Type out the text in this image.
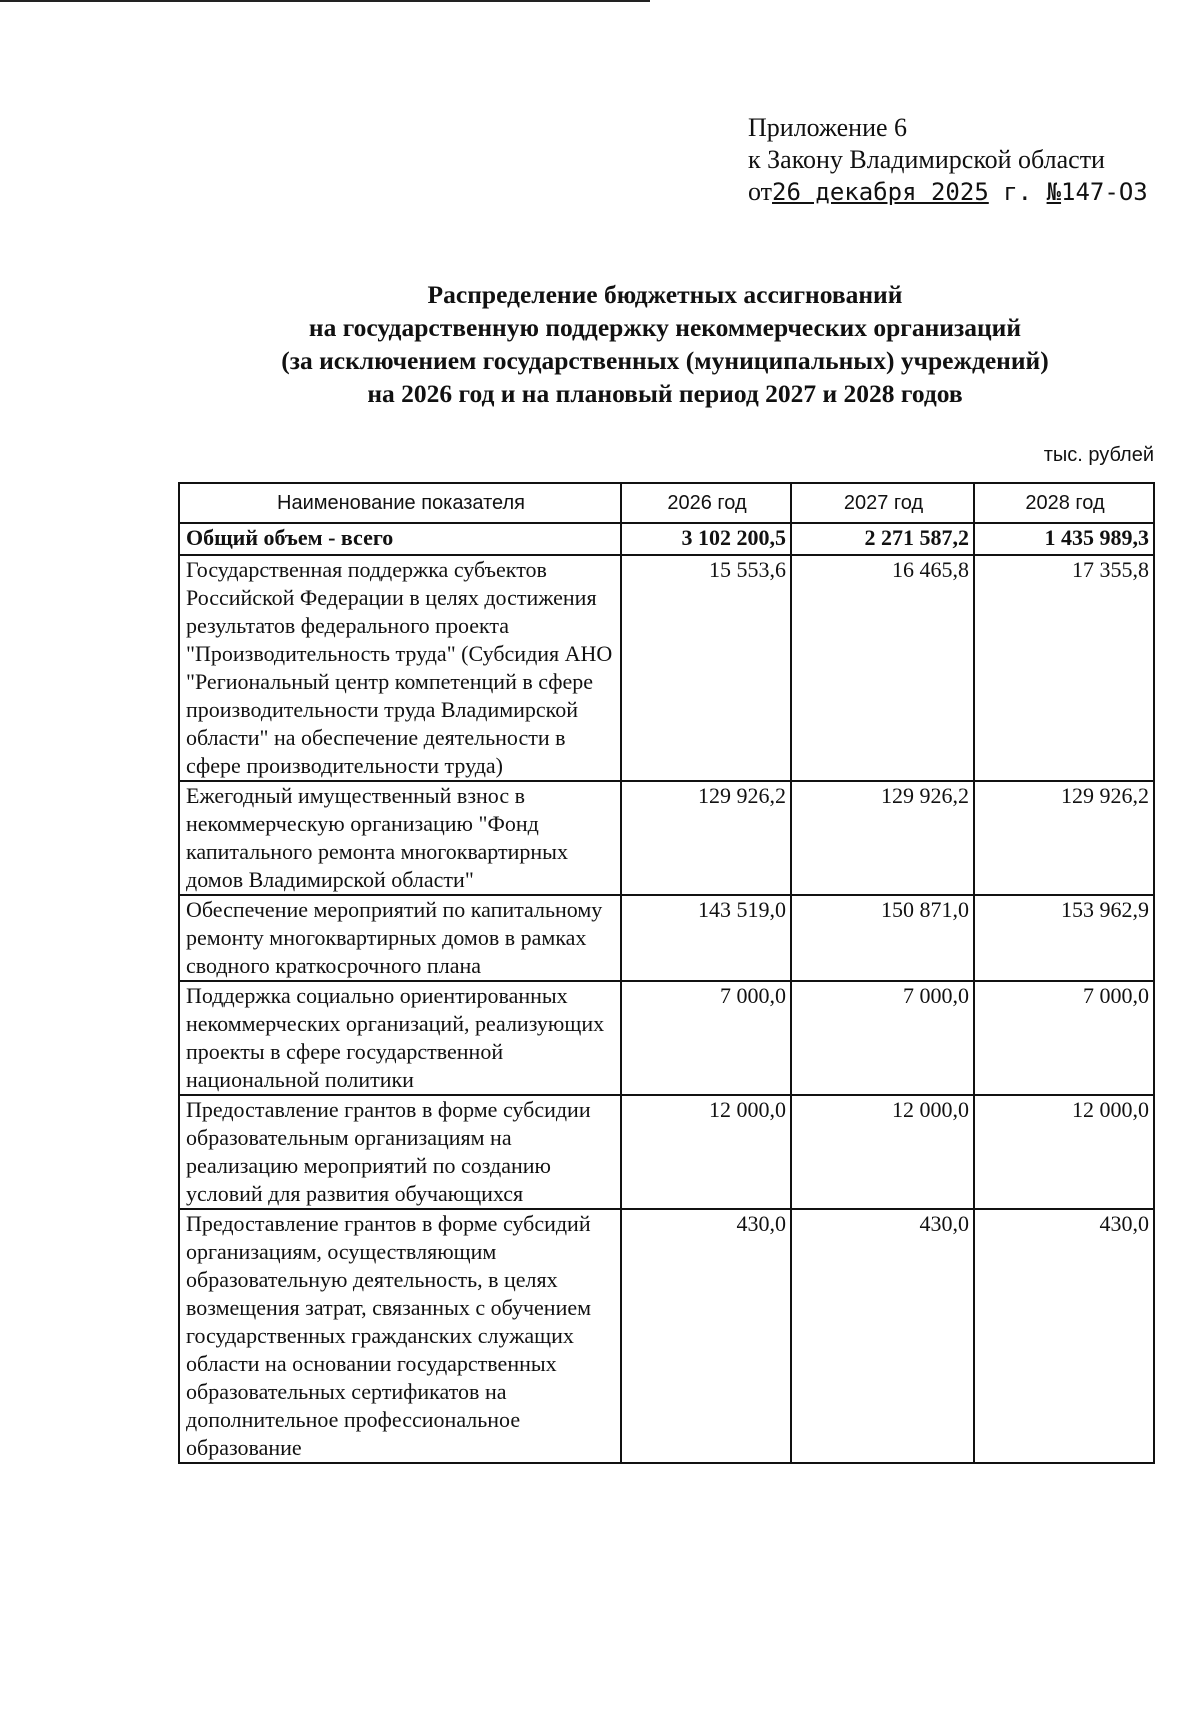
Приложение 6
к Закону Владимирской области
от26 декабря 2025 г. №147-ОЗ
Распределение бюджетных ассигнований
на государственную поддержку некоммерческих организаций
(за исключением государственных (муниципальных) учреждений)
на 2026 год и на плановый период 2027 и 2028 годов
тыс. рублей
Наименование показателя	2026 год	2027 год	2028 год
Общий объем - всего	3 102 200,5	2 271 587,2	1 435 989,3
Государственная поддержка субъектов Российской Федерации в целях достижения результатов федерального проекта "Производительность труда" (Субсидия АНО "Региональный центр компетенций в сфере производительности труда Владимирской области" на обеспечение деятельности в сфере производительности труда)	15 553,6	16 465,8	17 355,8
Ежегодный имущественный взнос в некоммерческую организацию "Фонд капитального ремонта многоквартирных домов Владимирской области"	129 926,2	129 926,2	129 926,2
Обеспечение мероприятий по капитальному ремонту многоквартирных домов в рамках сводного краткосрочного плана	143 519,0	150 871,0	153 962,9
Поддержка социально ориентированных некоммерческих организаций, реализующих проекты в сфере государственной национальной политики	7 000,0	7 000,0	7 000,0
Предоставление грантов в форме субсидии образовательным организациям на реализацию мероприятий по созданию условий для развития обучающихся	12 000,0	12 000,0	12 000,0
Предоставление грантов в форме субсидий организациям, осуществляющим образовательную деятельность, в целях возмещения затрат, связанных с обучением государственных гражданских служащих области на основании государственных образовательных сертификатов на дополнительное профессиональное образование	430,0	430,0	430,0
